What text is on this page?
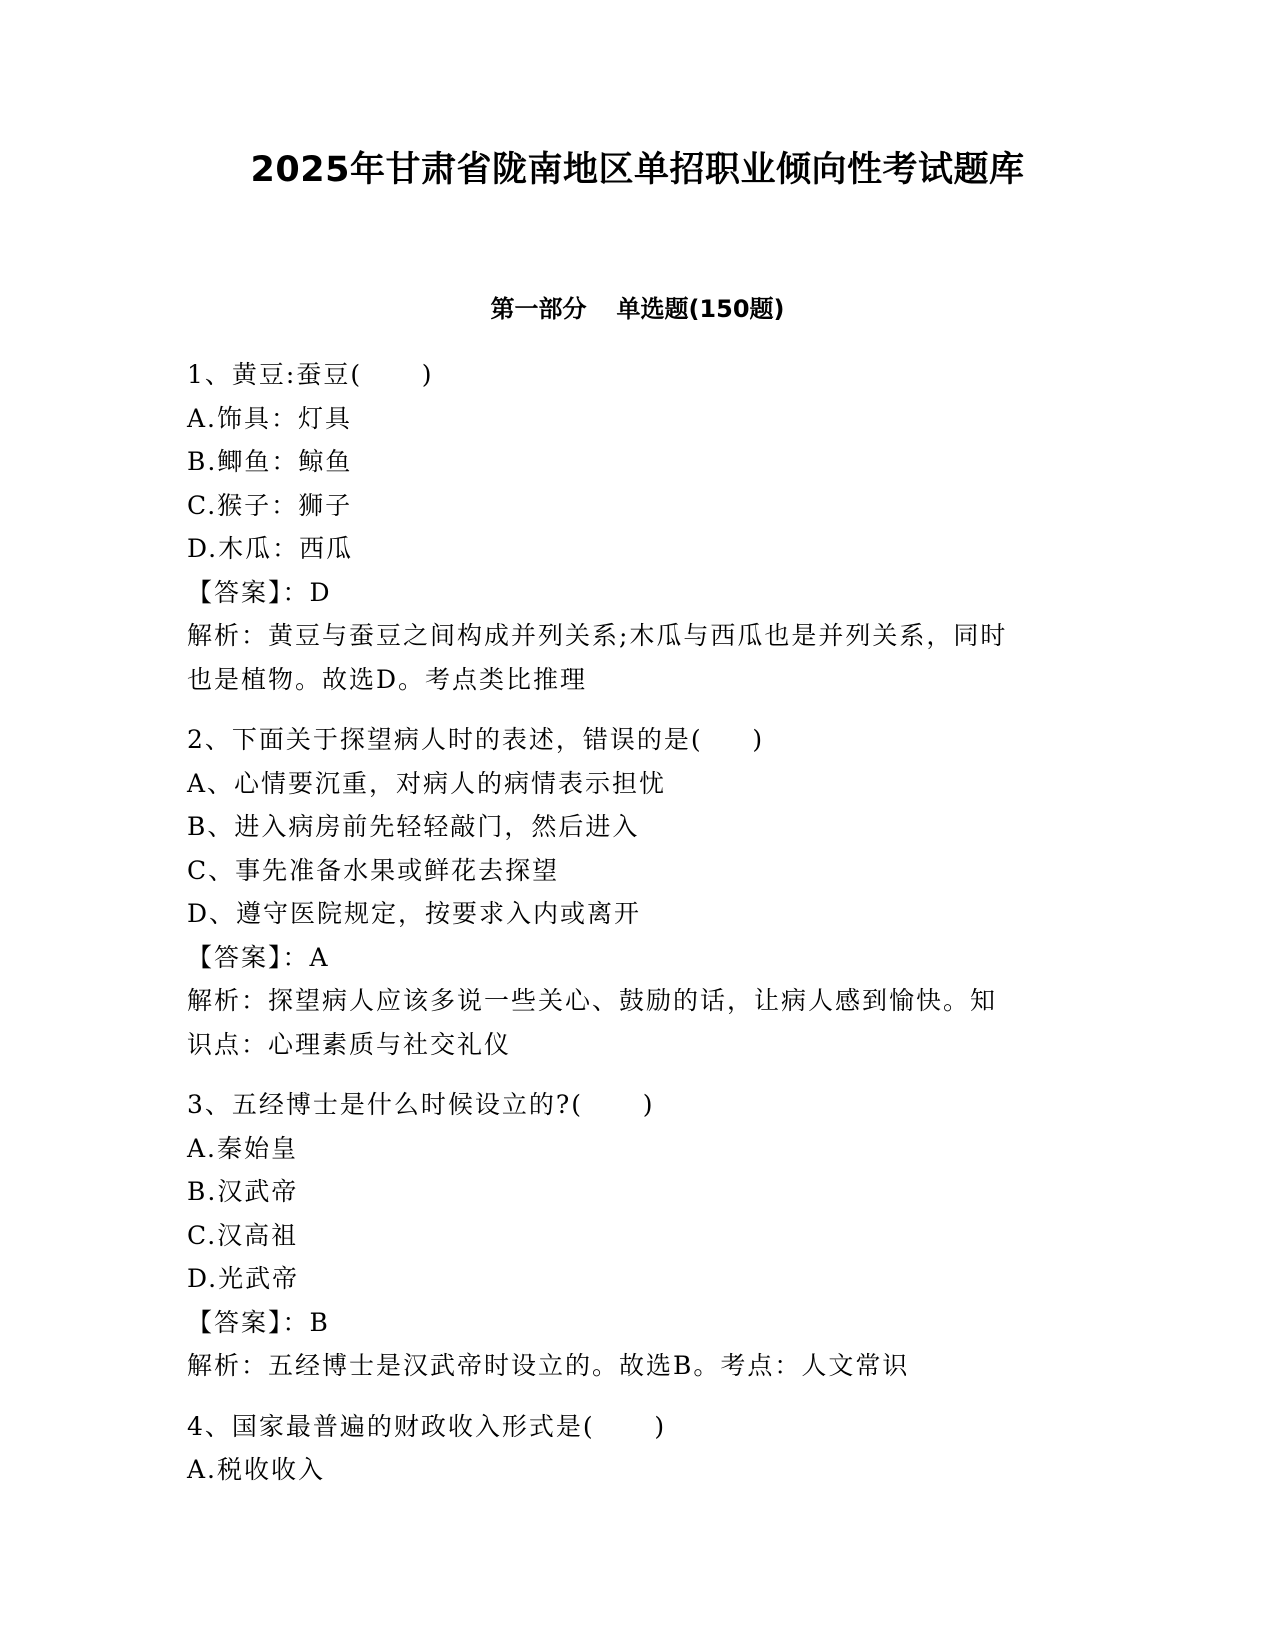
2025年甘肃省陇南地区单招职业倾向性考试题库
第一部分 单选题(150题)
1、黄豆:蚕豆(      )
A.饰具：灯具
B.鲫鱼：鲸鱼
C.猴子：狮子
D.木瓜：西瓜
【答案】：D
解析：黄豆与蚕豆之间构成并列关系;木瓜与西瓜也是并列关系，同时
也是植物。故选D。考点类比推理
2、下面关于探望病人时的表述，错误的是(     )
A、心情要沉重，对病人的病情表示担忧
B、进入病房前先轻轻敲门，然后进入
C、事先准备水果或鲜花去探望
D、遵守医院规定，按要求入内或离开
【答案】：A
解析：探望病人应该多说一些关心、鼓励的话，让病人感到愉快。知
识点：心理素质与社交礼仪
3、五经博士是什么时候设立的?(      )
A.秦始皇
B.汉武帝
C.汉高祖
D.光武帝
【答案】：B
解析：五经博士是汉武帝时设立的。故选B。考点：人文常识
4、国家最普遍的财政收入形式是(      )
A.税收收入
